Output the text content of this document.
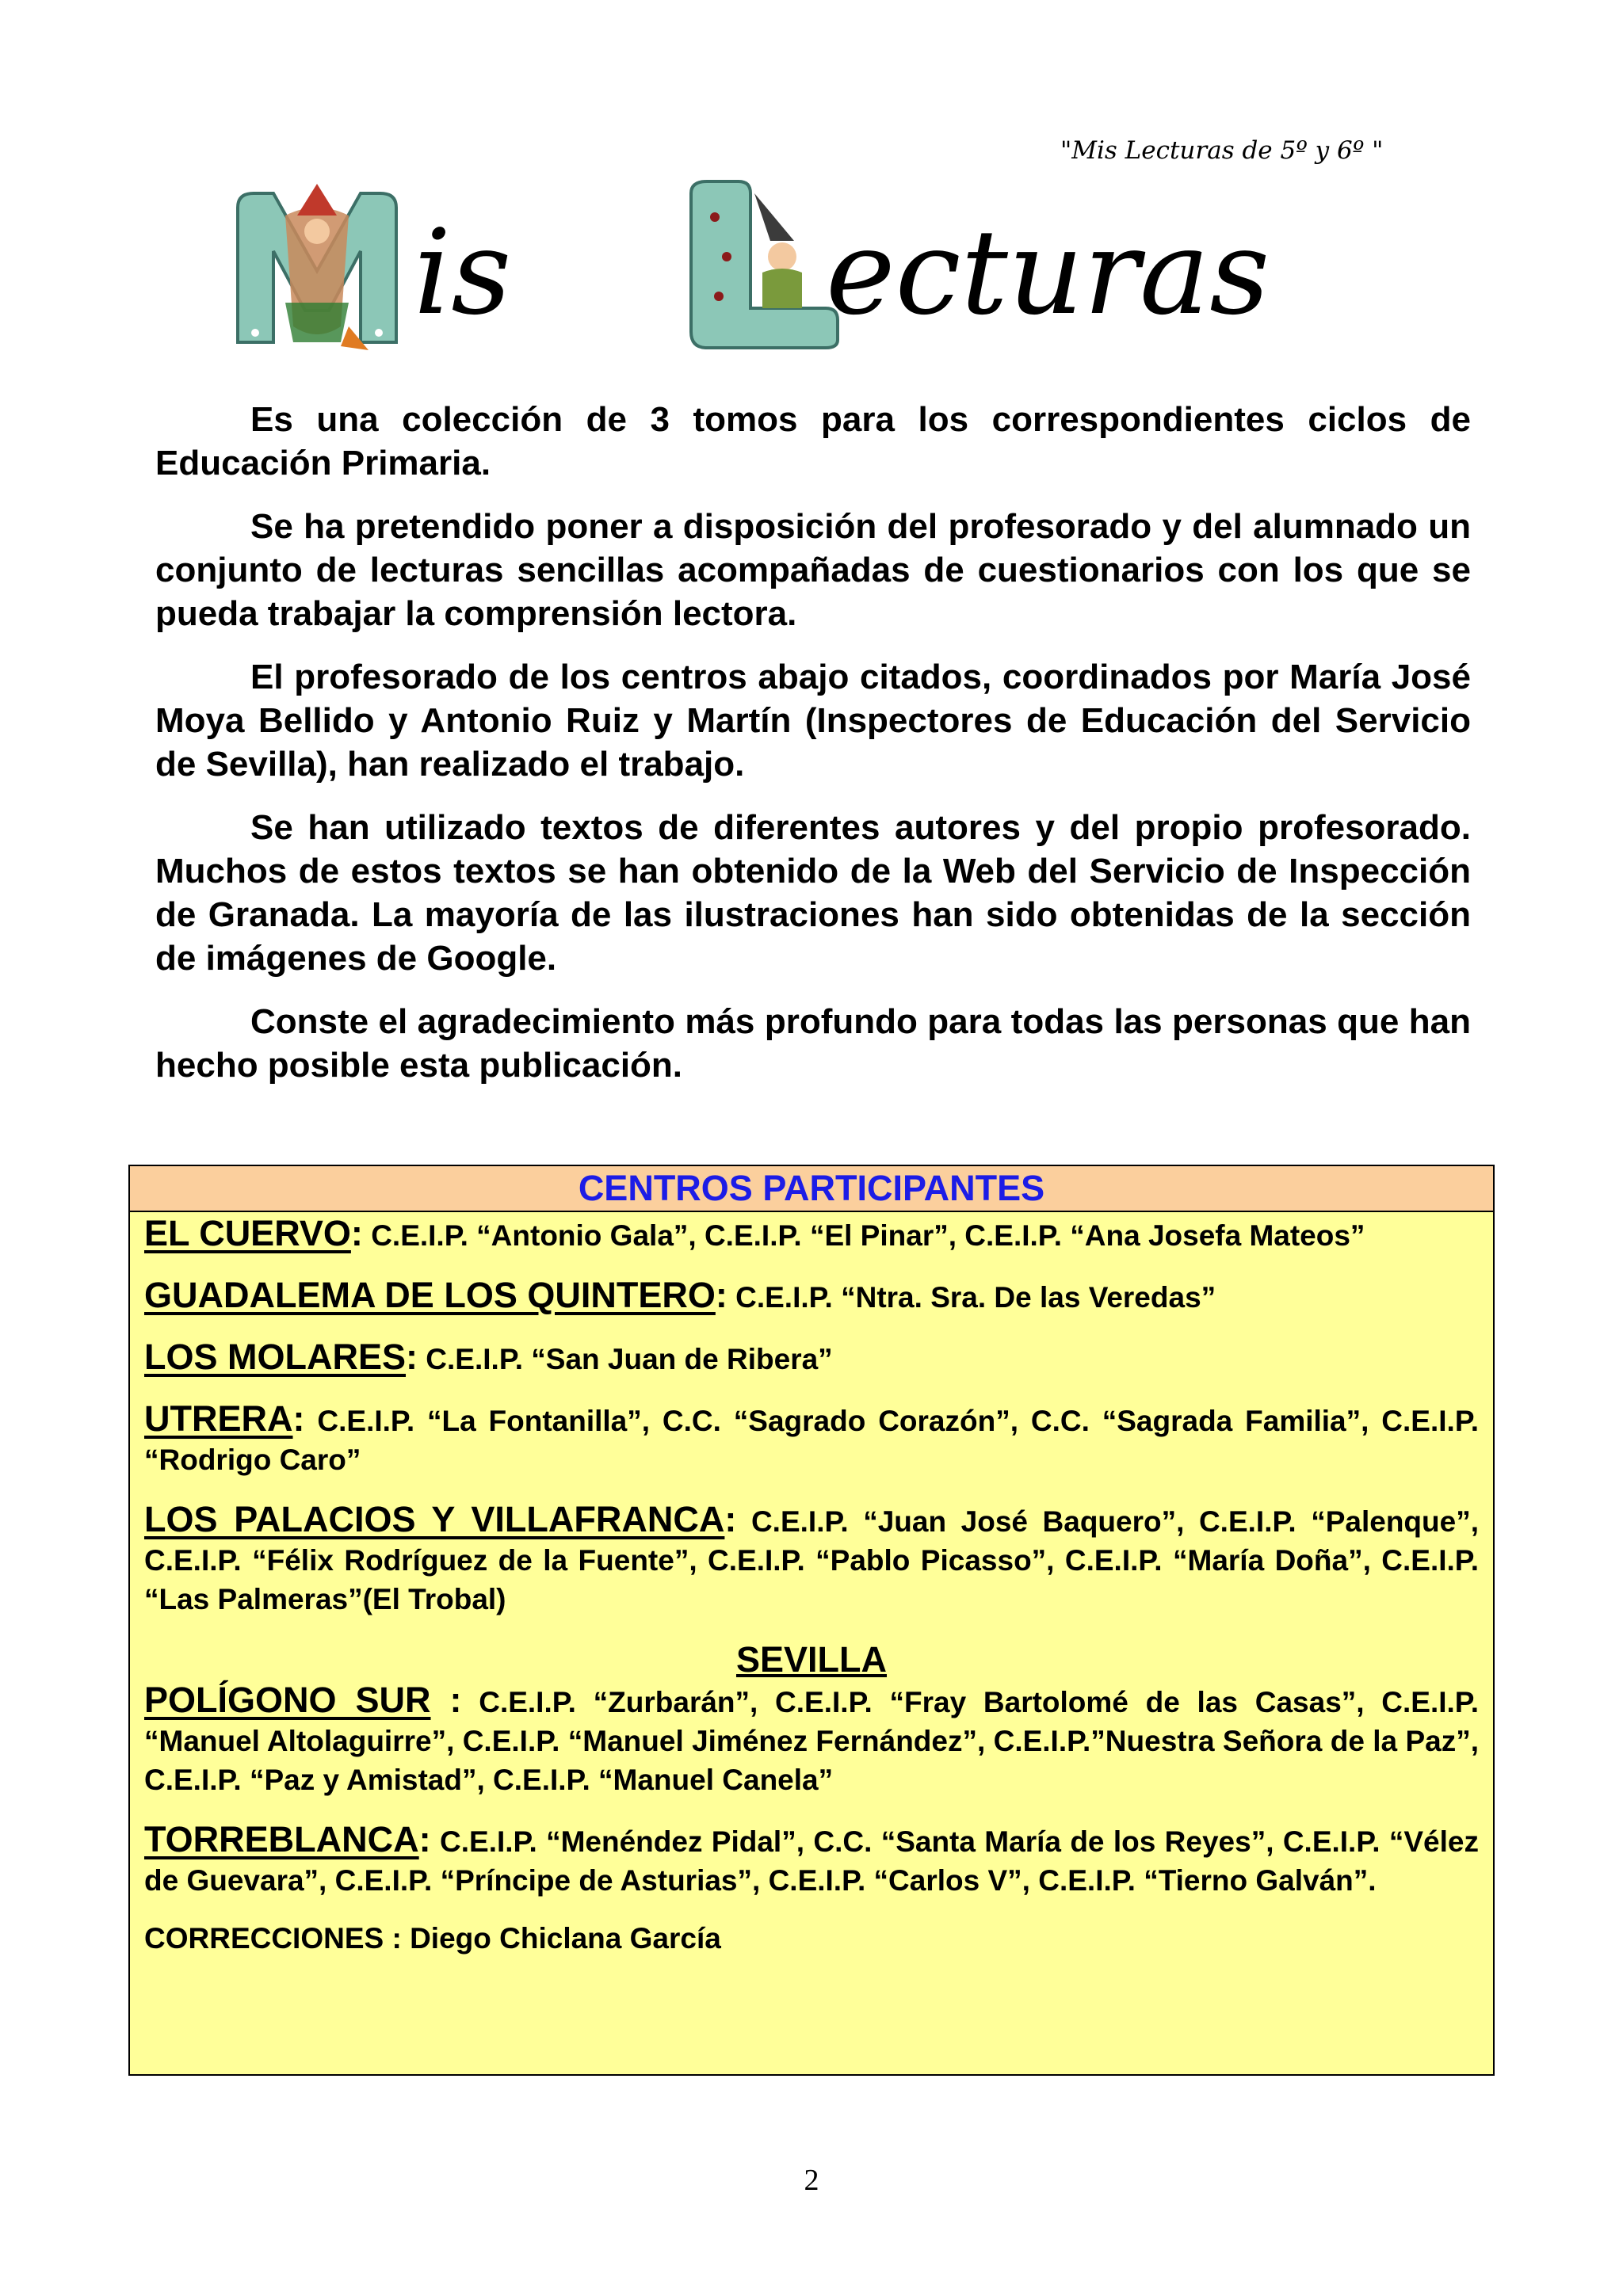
"Mis Lecturas de 5º y 6º "
is	ecturas

Es una colección de 3 tomos para los correspondientes ciclos de Educación Primaria.

Se ha pretendido poner a disposición del profesorado y del alumnado un conjunto de lecturas sencillas acompañadas de cuestionarios con los que se pueda trabajar la comprensión lectora.

El profesorado de los centros abajo citados, coordinados por María José Moya Bellido y Antonio Ruiz y Martín (Inspectores de Educación del Servicio de Sevilla), han realizado el trabajo.

Se han utilizado textos de diferentes autores y del propio profesorado. Muchos de estos textos se han obtenido de la Web del Servicio de Inspección de Granada. La mayoría de las ilustraciones han sido obtenidas de la sección de imágenes de Google.

Conste el agradecimiento más profundo para todas las personas que han hecho posible esta publicación.

CENTROS PARTICIPANTES

EL CUERVO: C.E.I.P. “Antonio Gala”, C.E.I.P. “El Pinar”, C.E.I.P. “Ana Josefa Mateos”

GUADALEMA DE LOS QUINTERO: C.E.I.P. “Ntra. Sra. De las Veredas”

LOS MOLARES: C.E.I.P. “San Juan de Ribera”

UTRERA: C.E.I.P. “La Fontanilla”, C.C. “Sagrado Corazón”, C.C. “Sagrada Familia”, C.E.I.P. “Rodrigo Caro”

LOS PALACIOS Y VILLAFRANCA: C.E.I.P. “Juan José Baquero”, C.E.I.P. “Palenque”, C.E.I.P. “Félix Rodríguez de la Fuente”, C.E.I.P. “Pablo Picasso”, C.E.I.P. “María Doña”, C.E.I.P. “Las Palmeras”(El Trobal)

SEVILLA

POLÍGONO SUR : C.E.I.P. “Zurbarán”, C.E.I.P. “Fray Bartolomé de las Casas”, C.E.I.P. “Manuel Altolaguirre”, C.E.I.P. “Manuel Jiménez Fernández”, C.E.I.P.”Nuestra Señora de la Paz”, C.E.I.P. “Paz y Amistad”, C.E.I.P. “Manuel Canela”

TORREBLANCA: C.E.I.P. “Menéndez Pidal”, C.C. “Santa María de los Reyes”, C.E.I.P. “Vélez de Guevara”, C.E.I.P. “Príncipe de Asturias”, C.E.I.P. “Carlos V”, C.E.I.P. “Tierno Galván”.

CORRECCIONES : Diego Chiclana García

2
